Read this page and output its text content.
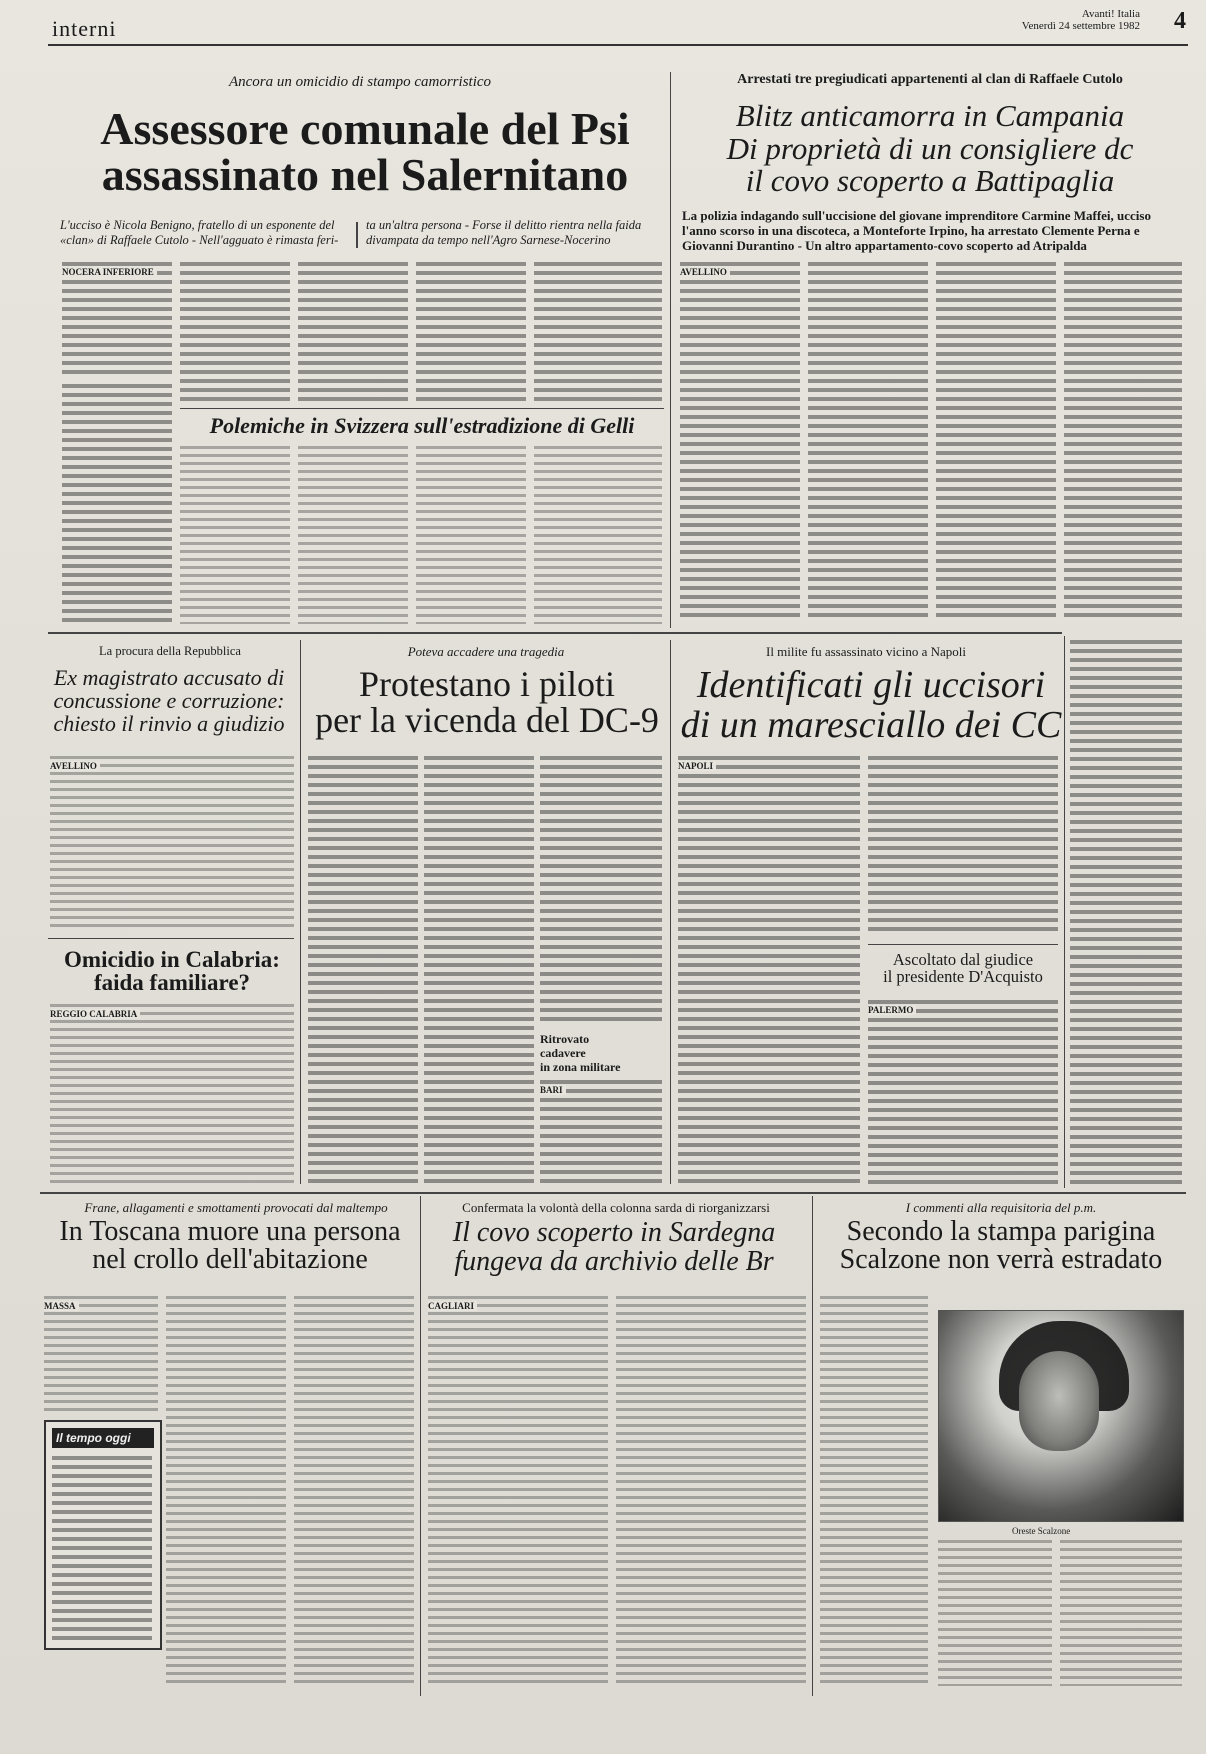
interni
Avanti! Italia
Venerdì 24 settembre 1982 4
Ancora un omicidio di stampo camorristico
Assessore comunale del Psi
assassinato nel Salernitano
L'ucciso è Nicola Benigno, fratello di un esponente del «clan» di Raffaele Cutolo - Nell'agguato è rimasta feri-
ta un'altra persona - Forse il delitto rientra nella faida divampata da tempo nell'Agro Sarnese-Nocerino
NOCERA INFERIORE
Polemiche in Svizzera sull'estradizione di Gelli
Arrestati tre pregiudicati appartenenti al clan di Raffaele Cutolo
Blitz anticamorra in Campania
Di proprietà di un consigliere dc
il covo scoperto a Battipaglia
La polizia indagando sull'uccisione del giovane imprenditore Carmine Maffei, ucciso l'anno scorso in una discoteca, a Monteforte Irpino, ha arrestato Clemente Perna e Giovanni Durantino - Un altro appartamento-covo scoperto ad Atripalda
AVELLINO
La procura della Repubblica
Ex magistrato accusato di
concussione e corruzione:
chiesto il rinvio a giudizio
AVELLINO
Omicidio in Calabria:
faida familiare?
REGGIO CALABRIA
Poteva accadere una tragedia
Protestano i piloti
per la vicenda del DC-9
Ritrovato
cadavere
in zona militare
BARI
Il milite fu assassinato vicino a Napoli
Identificati gli uccisori
di un maresciallo dei CC
NAPOLI
Ascoltato dal giudice
il presidente D'Acquisto
PALERMO
Frane, allagamenti e smottamenti provocati dal maltempo
In Toscana muore una persona
nel crollo dell'abitazione
MASSA
Il tempo oggi
Confermata la volontà della colonna sarda di riorganizzarsi
Il covo scoperto in Sardegna
fungeva da archivio delle Br
CAGLIARI
I commenti alla requisitoria del p.m.
Secondo la stampa parigina
Scalzone non verrà estradato
Oreste Scalzone
